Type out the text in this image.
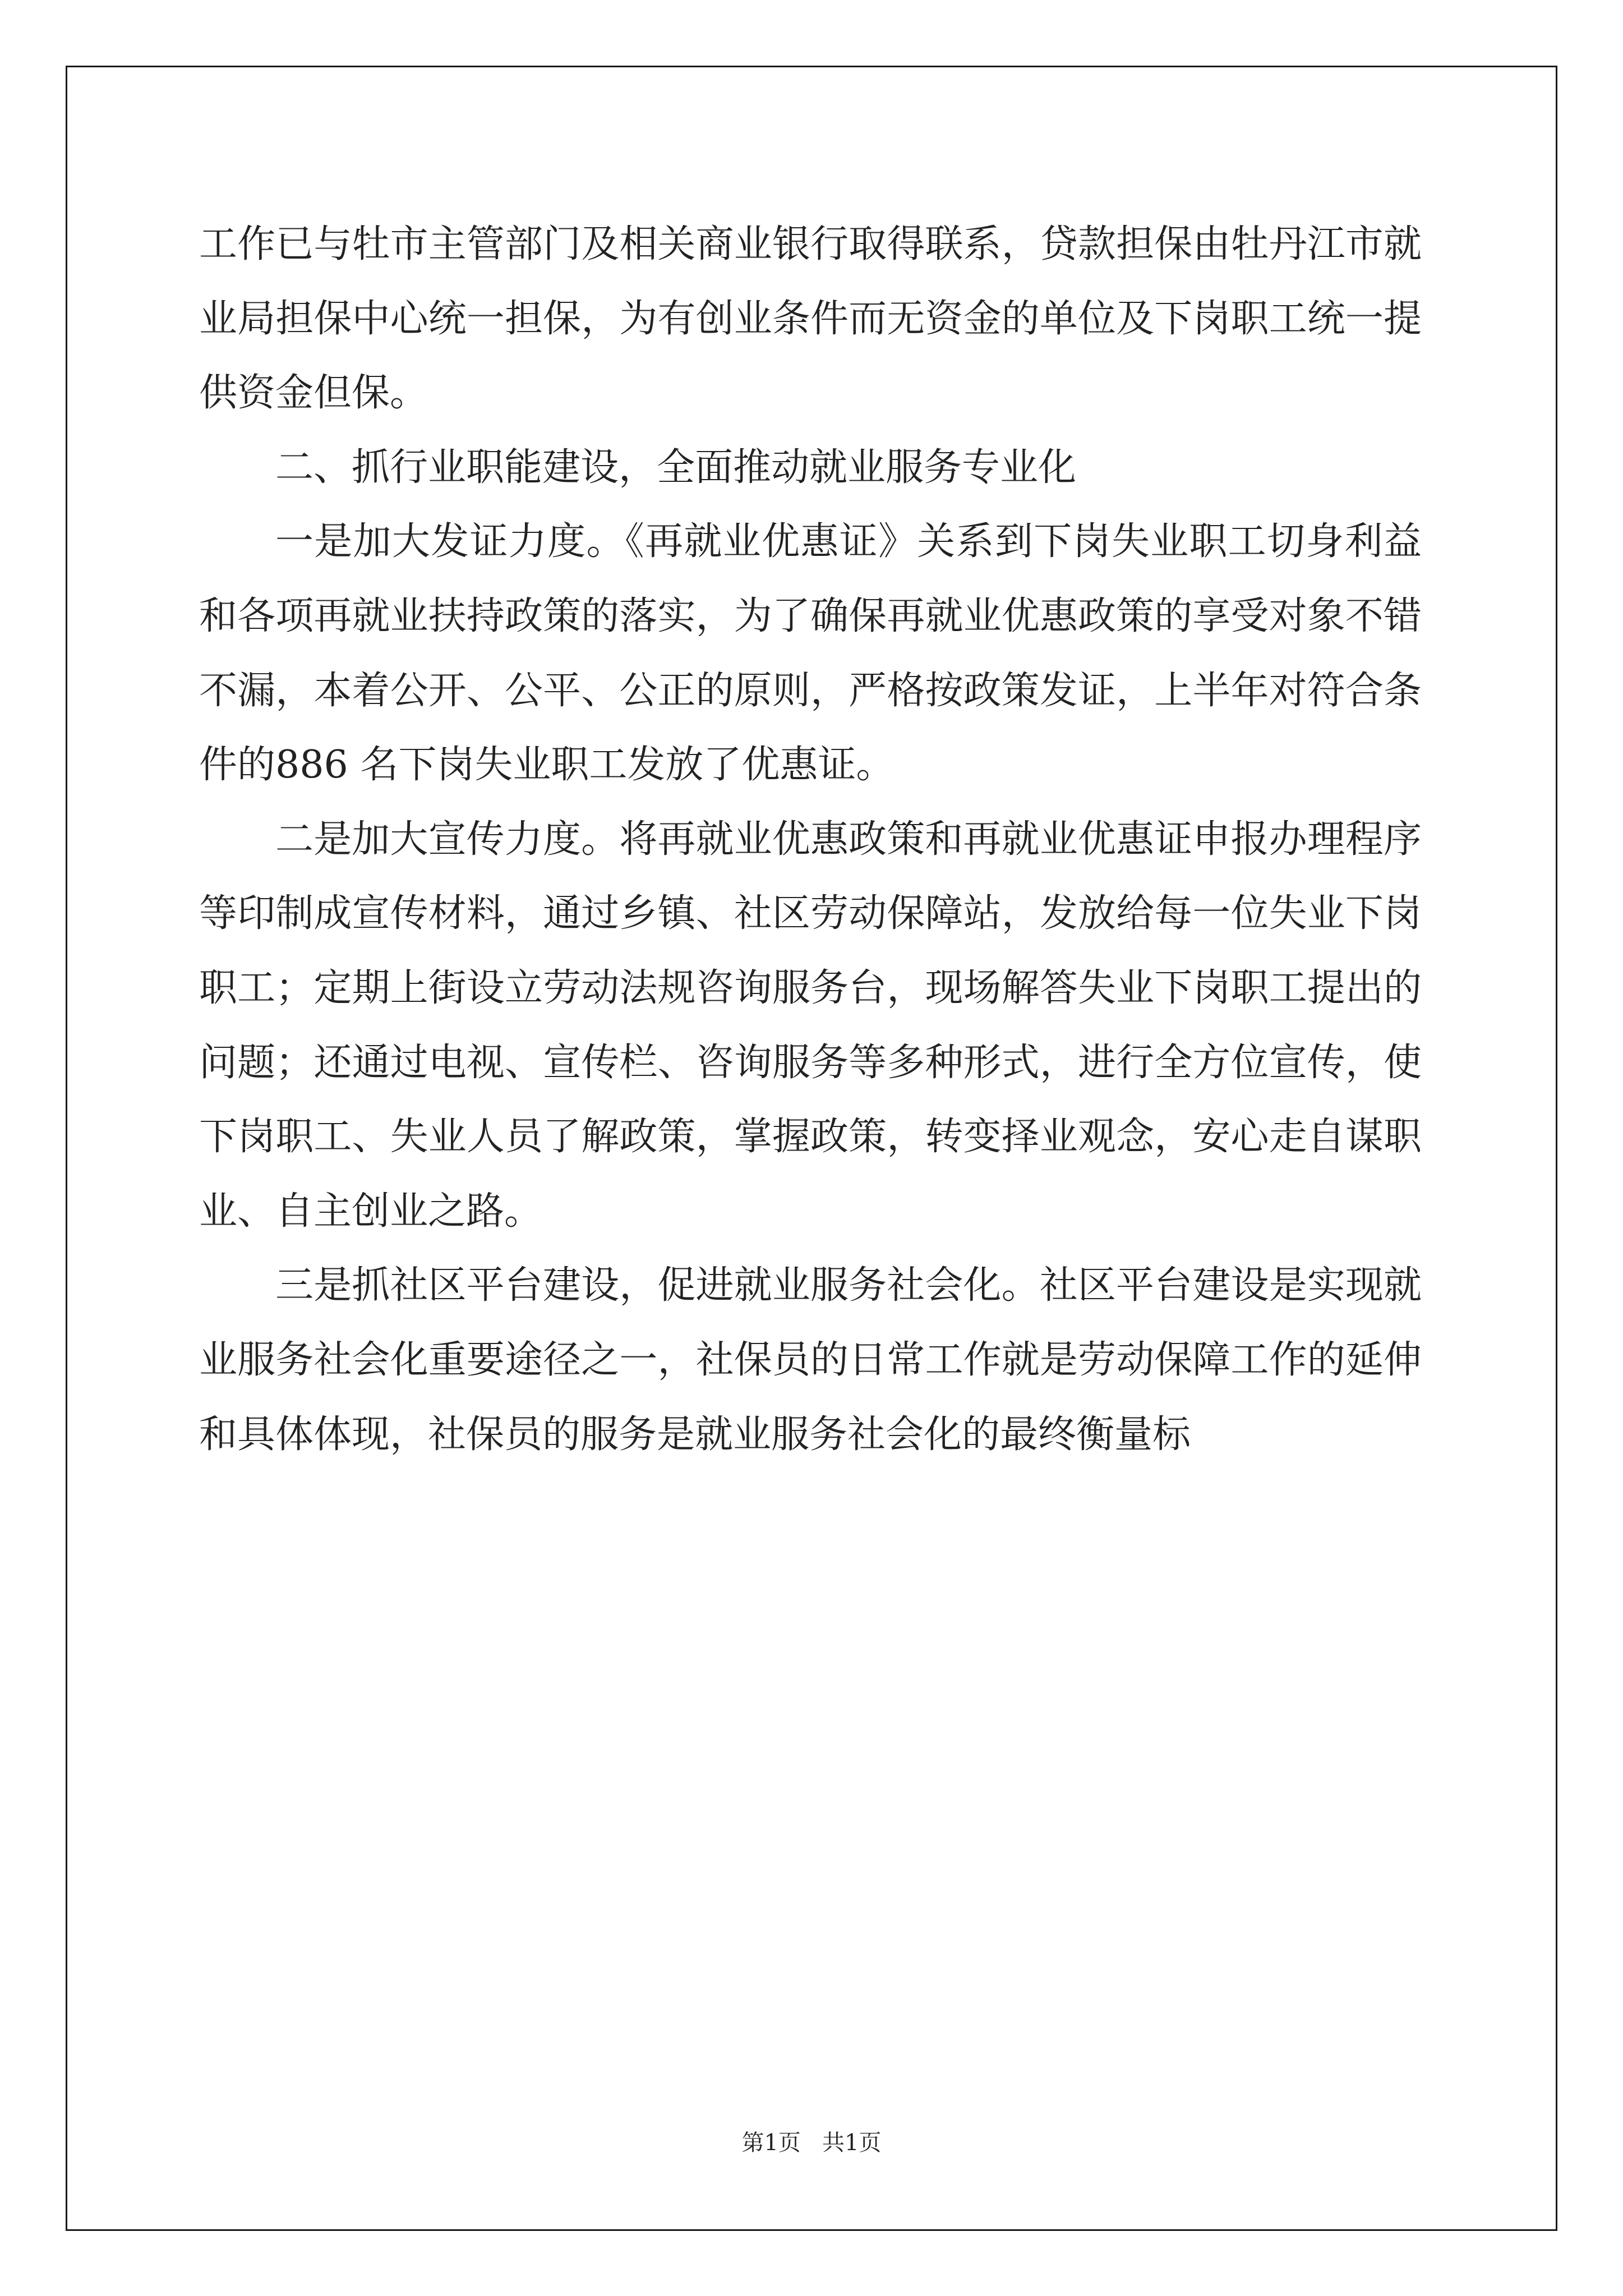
工作已与牡市主管部门及相关商业银行取得联系，贷款担保由牡丹江市就业局担保中心统一担保，为有创业条件而无资金的单位及下岗职工统一提供资金但保。

二、抓行业职能建设，全面推动就业服务专业化

一是加大发证力度。《再就业优惠证》关系到下岗失业职工切身利益和各项再就业扶持政策的落实，为了确保再就业优惠政策的享受对象不错不漏，本着公开、公平、公正的原则，严格按政策发证，上半年对符合条件的886 名下岗失业职工发放了优惠证。

二是加大宣传力度。将再就业优惠政策和再就业优惠证申报办理程序等印制成宣传材料，通过乡镇、社区劳动保障站，发放给每一位失业下岗职工；定期上街设立劳动法规咨询服务台，现场解答失业下岗职工提出的问题；还通过电视、宣传栏、咨询服务等多种形式，进行全方位宣传，使下岗职工、失业人员了解政策，掌握政策，转变择业观念，安心走自谋职业、自主创业之路。

三是抓社区平台建设，促进就业服务社会化。社区平台建设是实现就业服务社会化重要途径之一，社保员的日常工作就是劳动保障工作的延伸和具体体现，社保员的服务是就业服务社会化的最终衡量标

第1页   共1页
